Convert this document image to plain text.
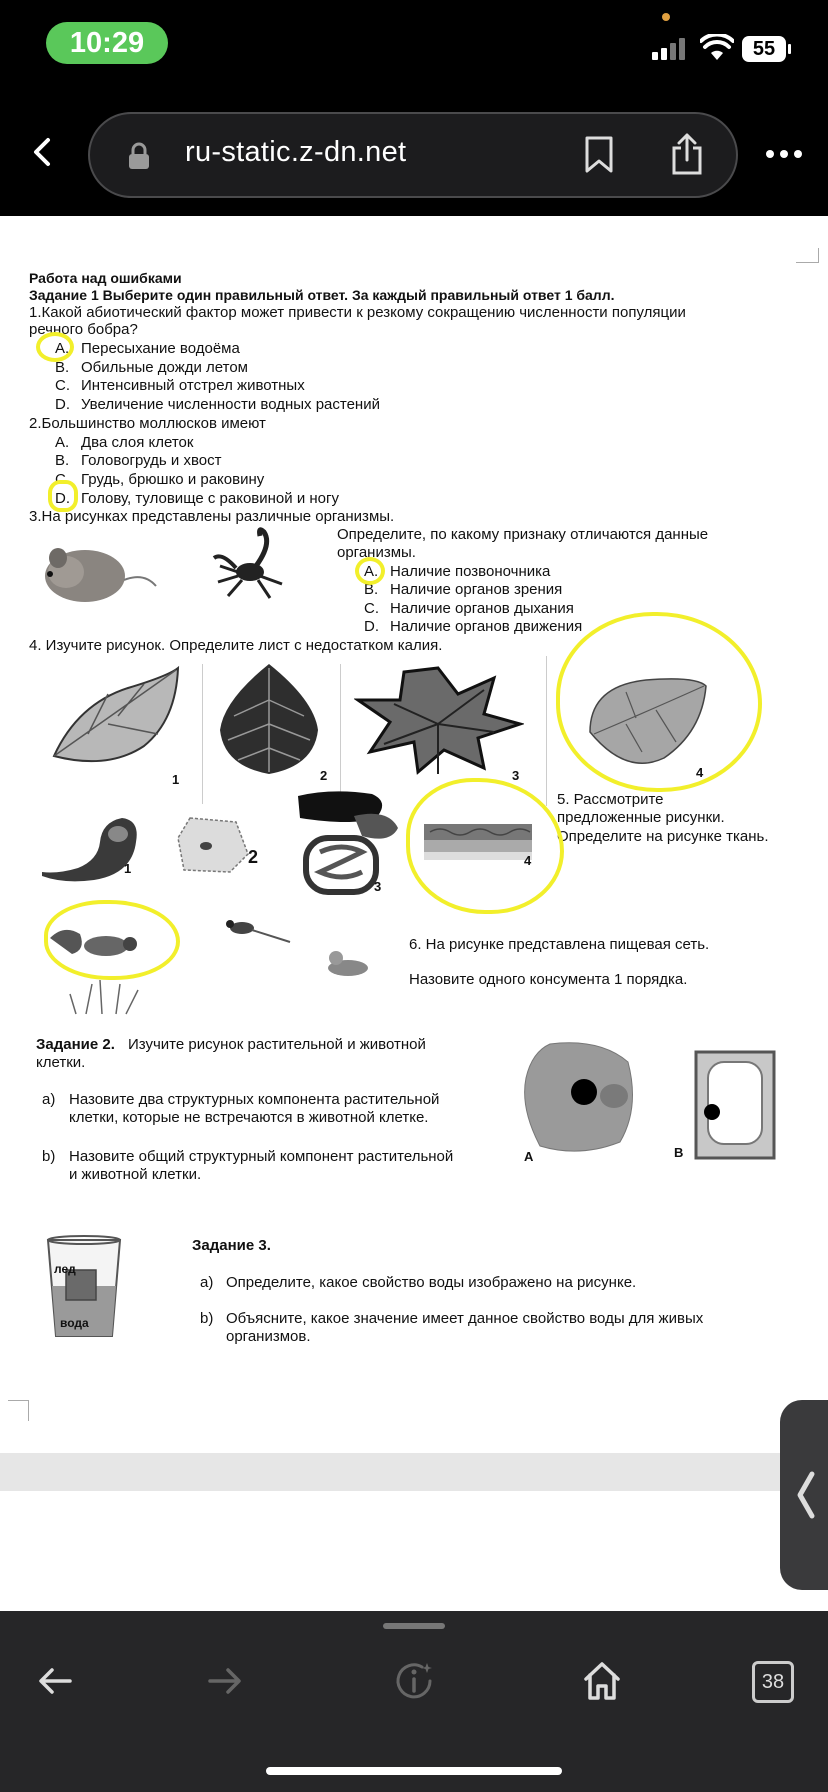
10:29	55
ru-static.z-dn.net
Работа над ошибками
Задание 1 Выберите один правильный ответ. За каждый правильный ответ 1 балл.
1.Какой абиотический фактор может привести к резкому сокращению численности популяции
речного бобра?
A. Пересыхание водоёма
B. Обильные дожди летом
C. Интенсивный отстрел животных
D. Увеличение численности водных растений
2.Большинство моллюсков имеют
A. Два слоя клеток
B. Головогрудь и хвост
C. Грудь, брюшко и раковину
D. Голову, туловище с раковиной и ногу
3.На рисунках представлены различные организмы.
Определите, по какому признаку отличаются данные
организмы.
A. Наличие позвоночника
B. Наличие органов зрения
C. Наличие органов дыхания
D. Наличие органов движения
4. Изучите рисунок. Определите лист с недостатком калия.
1	2	3	4
5. Рассмотрите
предложенные рисунки.
Определите на рисунке ткань.
1
2
3
4
6. На рисунке представлена пищевая сеть.
Назовите одного консумента 1 порядка.
Задание 2. Изучите рисунок растительной и животной
клетки.
a) Назовите два структурных компонента растительной
клетки, которые не встречаются в животной клетке.
b) Назовите общий структурный компонент растительной
и животной клетки.
A	B
лед
вода
Задание 3.
a) Определите, какое свойство воды изображено на рисунке.
b) Объясните, какое значение имеет данное свойство воды для живых
организмов.
38
